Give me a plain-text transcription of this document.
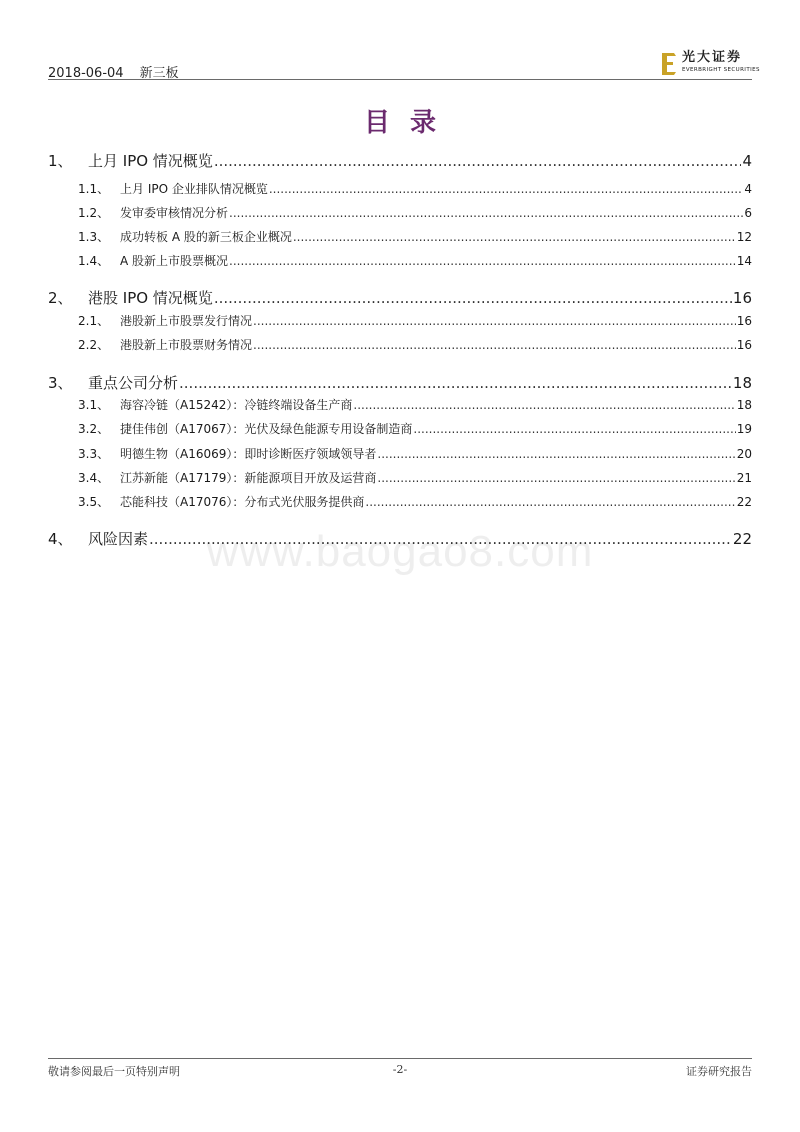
2018-06-04 新三板
光大证券
EVERBRIGHT SECURITIES
目录
www.baogao8.com
1、	上月 IPO 情况概览 .....	4
1.1、 上月 IPO 企业排队情况概览 .....	4
1.2、 发审委审核情况分析 .....	6
1.3、 成功转板 A 股的新三板企业概况 .....	12
1.4、 A 股新上市股票概况 .....	14
2、	港股 IPO 情况概览 .....	16
2.1、 港股新上市股票发行情况 .....	16
2.2、 港股新上市股票财务情况 .....	16
3、	重点公司分析 .....	18
3.1、 海容冷链（A15242）：冷链终端设备生产商 .....	18
3.2、 捷佳伟创（A17067）：光伏及绿色能源专用设备制造商 .....	19
3.3、 明德生物（A16069）：即时诊断医疗领域领导者 .....	20
3.4、 江苏新能（A17179）：新能源项目开放及运营商 .....	21
3.5、 芯能科技（A17076）：分布式光伏服务提供商 .....	22
4、	风险因素 .....	22
敬请参阅最后一页特别声明	-2-	证券研究报告
